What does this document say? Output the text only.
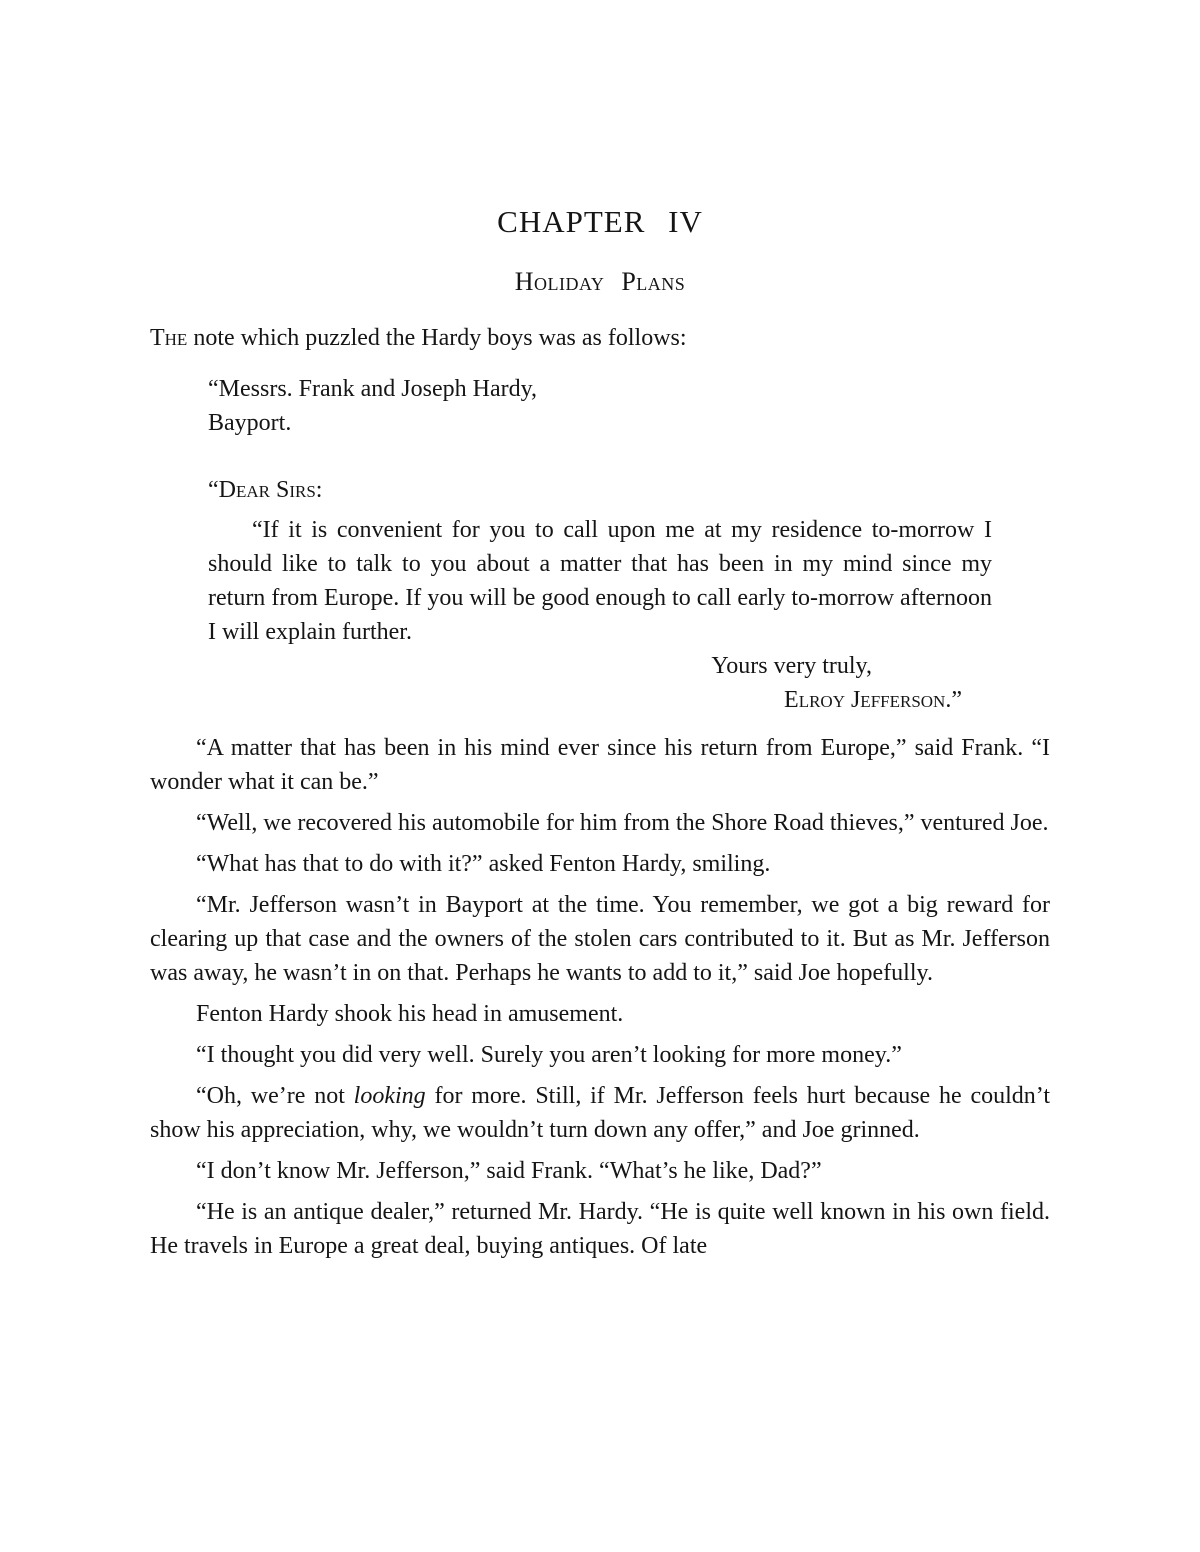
CHAPTER IV
Holiday Plans

The note which puzzled the Hardy boys was as follows:

“Messrs. Frank and Joseph Hardy,

Bayport.

“Dear Sirs:

“If it is convenient for you to call upon me at my residence to-morrow I should like to talk to you about a matter that has been in my mind since my return from Europe. If you will be good enough to call early to-morrow afternoon I will explain further.

Yours very truly,

Elroy Jefferson.”

“A matter that has been in his mind ever since his return from Europe,” said Frank. “I wonder what it can be.”

“Well, we recovered his automobile for him from the Shore Road thieves,” ventured Joe.

“What has that to do with it?” asked Fenton Hardy, smiling.

“Mr. Jefferson wasn’t in Bayport at the time. You remember, we got a big reward for clearing up that case and the owners of the stolen cars contributed to it. But as Mr. Jefferson was away, he wasn’t in on that. Perhaps he wants to add to it,” said Joe hopefully.

Fenton Hardy shook his head in amusement.

“I thought you did very well. Surely you aren’t looking for more money.”

“Oh, we’re not looking for more. Still, if Mr. Jefferson feels hurt because he couldn’t show his appreciation, why, we wouldn’t turn down any offer,” and Joe grinned.

“I don’t know Mr. Jefferson,” said Frank. “What’s he like, Dad?”

“He is an antique dealer,” returned Mr. Hardy. “He is quite well known in his own field. He travels in Europe a great deal, buying antiques. Of late
